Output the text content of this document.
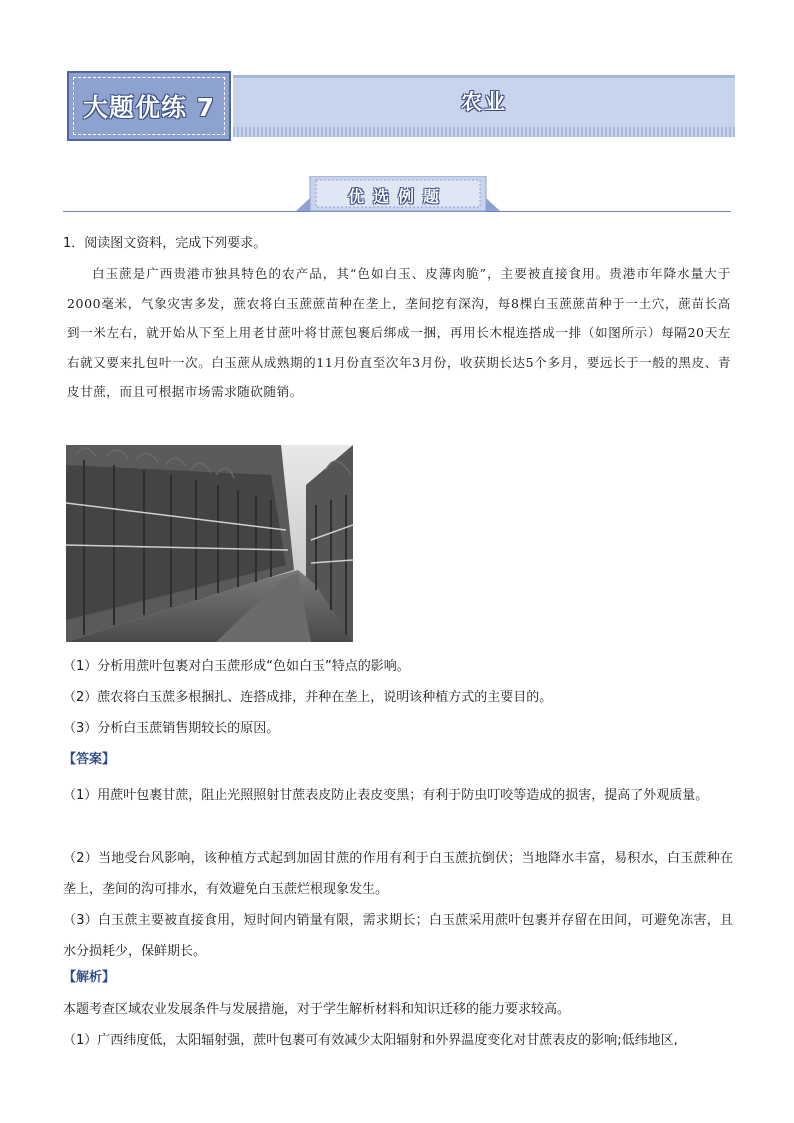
大题优练 7	农业
优选例题
1．阅读图文资料，完成下列要求。
白玉蔗是广西贵港市独具特色的农产品，其“色如白玉、皮薄肉脆”，主要被直接食用。贵港市年降水量大于2000毫米，气象灾害多发，蔗农将白玉蔗蔗苗种在垄上，垄间挖有深沟，每8棵白玉蔗蔗苗种于一土穴，蔗苗长高到一米左右，就开始从下至上用老甘蔗叶将甘蔗包裹后绑成一捆，再用长木棍连搭成一排（如图所示）每隔20天左右就又要来扎包叶一次。白玉蔗从成熟期的11月份直至次年3月份，收获期长达5个多月，要远长于一般的黑皮、青皮甘蔗，而且可根据市场需求随砍随销。
（1）分析用蔗叶包裹对白玉蔗形成“色如白玉”特点的影响。
（2）蔗农将白玉蔗多根捆扎、连搭成排，并种在垄上，说明该种植方式的主要目的。
（3）分析白玉蔗销售期较长的原因。
【答案】
（1）用蔗叶包裹甘蔗，阻止光照照射甘蔗表皮防止表皮变黑；有利于防虫叮咬等造成的损害，提高了外观质量。
（2）当地受台风影响，该种植方式起到加固甘蔗的作用有利于白玉蔗抗倒伏；当地降水丰富，易积水，白玉蔗种在垄上，垄间的沟可排水，有效避免白玉蔗烂根现象发生。
（3）白玉蔗主要被直接食用，短时间内销量有限，需求期长；白玉蔗采用蔗叶包裹并存留在田间，可避免冻害，且水分损耗少，保鲜期长。
【解析】
本题考查区域农业发展条件与发展措施，对于学生解析材料和知识迁移的能力要求较高。
（1）广西纬度低，太阳辐射强，蔗叶包裹可有效减少太阳辐射和外界温度变化对甘蔗表皮的影响;低纬地区,
